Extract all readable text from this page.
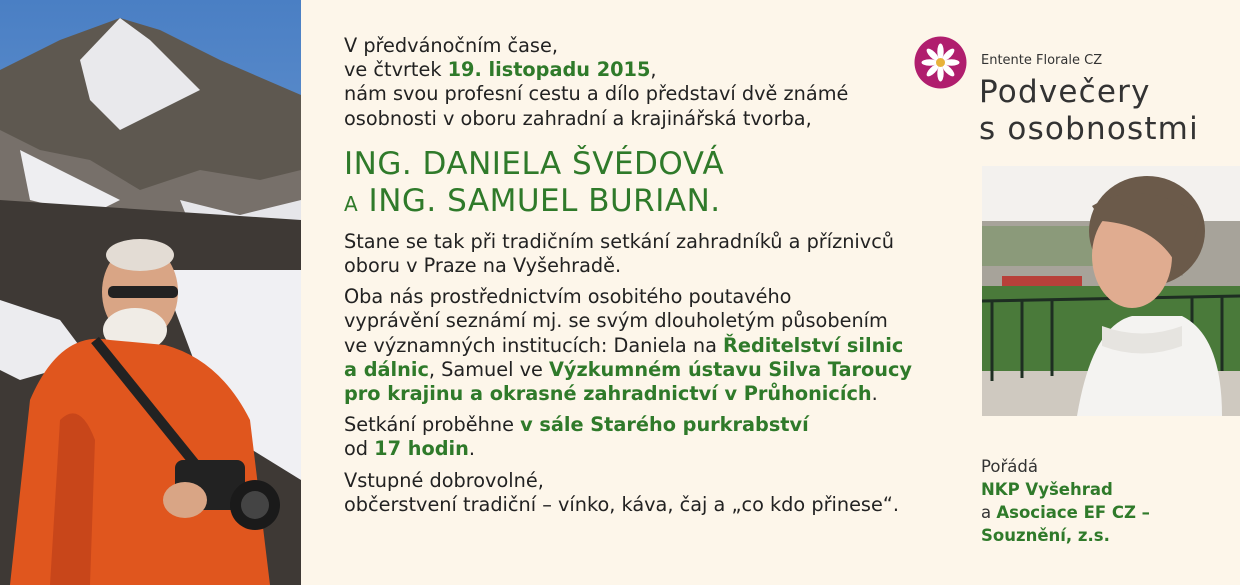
V předvánočním čase,

ve čtvrtek 19. listopadu 2015,

nám svou profesní cestu a dílo představí dvě známé

osobnosti v oboru zahradní a krajinářská tvorba,

ING. DANIELA ŠVÉDOVÁ
A ING. SAMUEL BURIAN.

Stane se tak při tradičním setkání zahradníků a příznivců

oboru v Praze na Vyšehradě.

Oba nás prostřednictvím osobitého poutavého

vyprávění seznámí mj. se svým dlouholetým působením

ve významných institucích: Daniela na Ředitelství silnic

a dálnic, Samuel ve Výzkumném ústavu Silva Taroucy

pro krajinu a okrasné zahradnictví v Průhonicích.

Setkání proběhne v sále Starého purkrabství

od 17 hodin.

Vstupné dobrovolné,

občerstvení tradiční – vínko, káva, čaj a „co kdo přinese“.

Entente Florale CZ
Podvečery
s osobnostmi
Pořádá
NKP Vyšehrad
a Asociace EF CZ –
Souznění, z.s.
